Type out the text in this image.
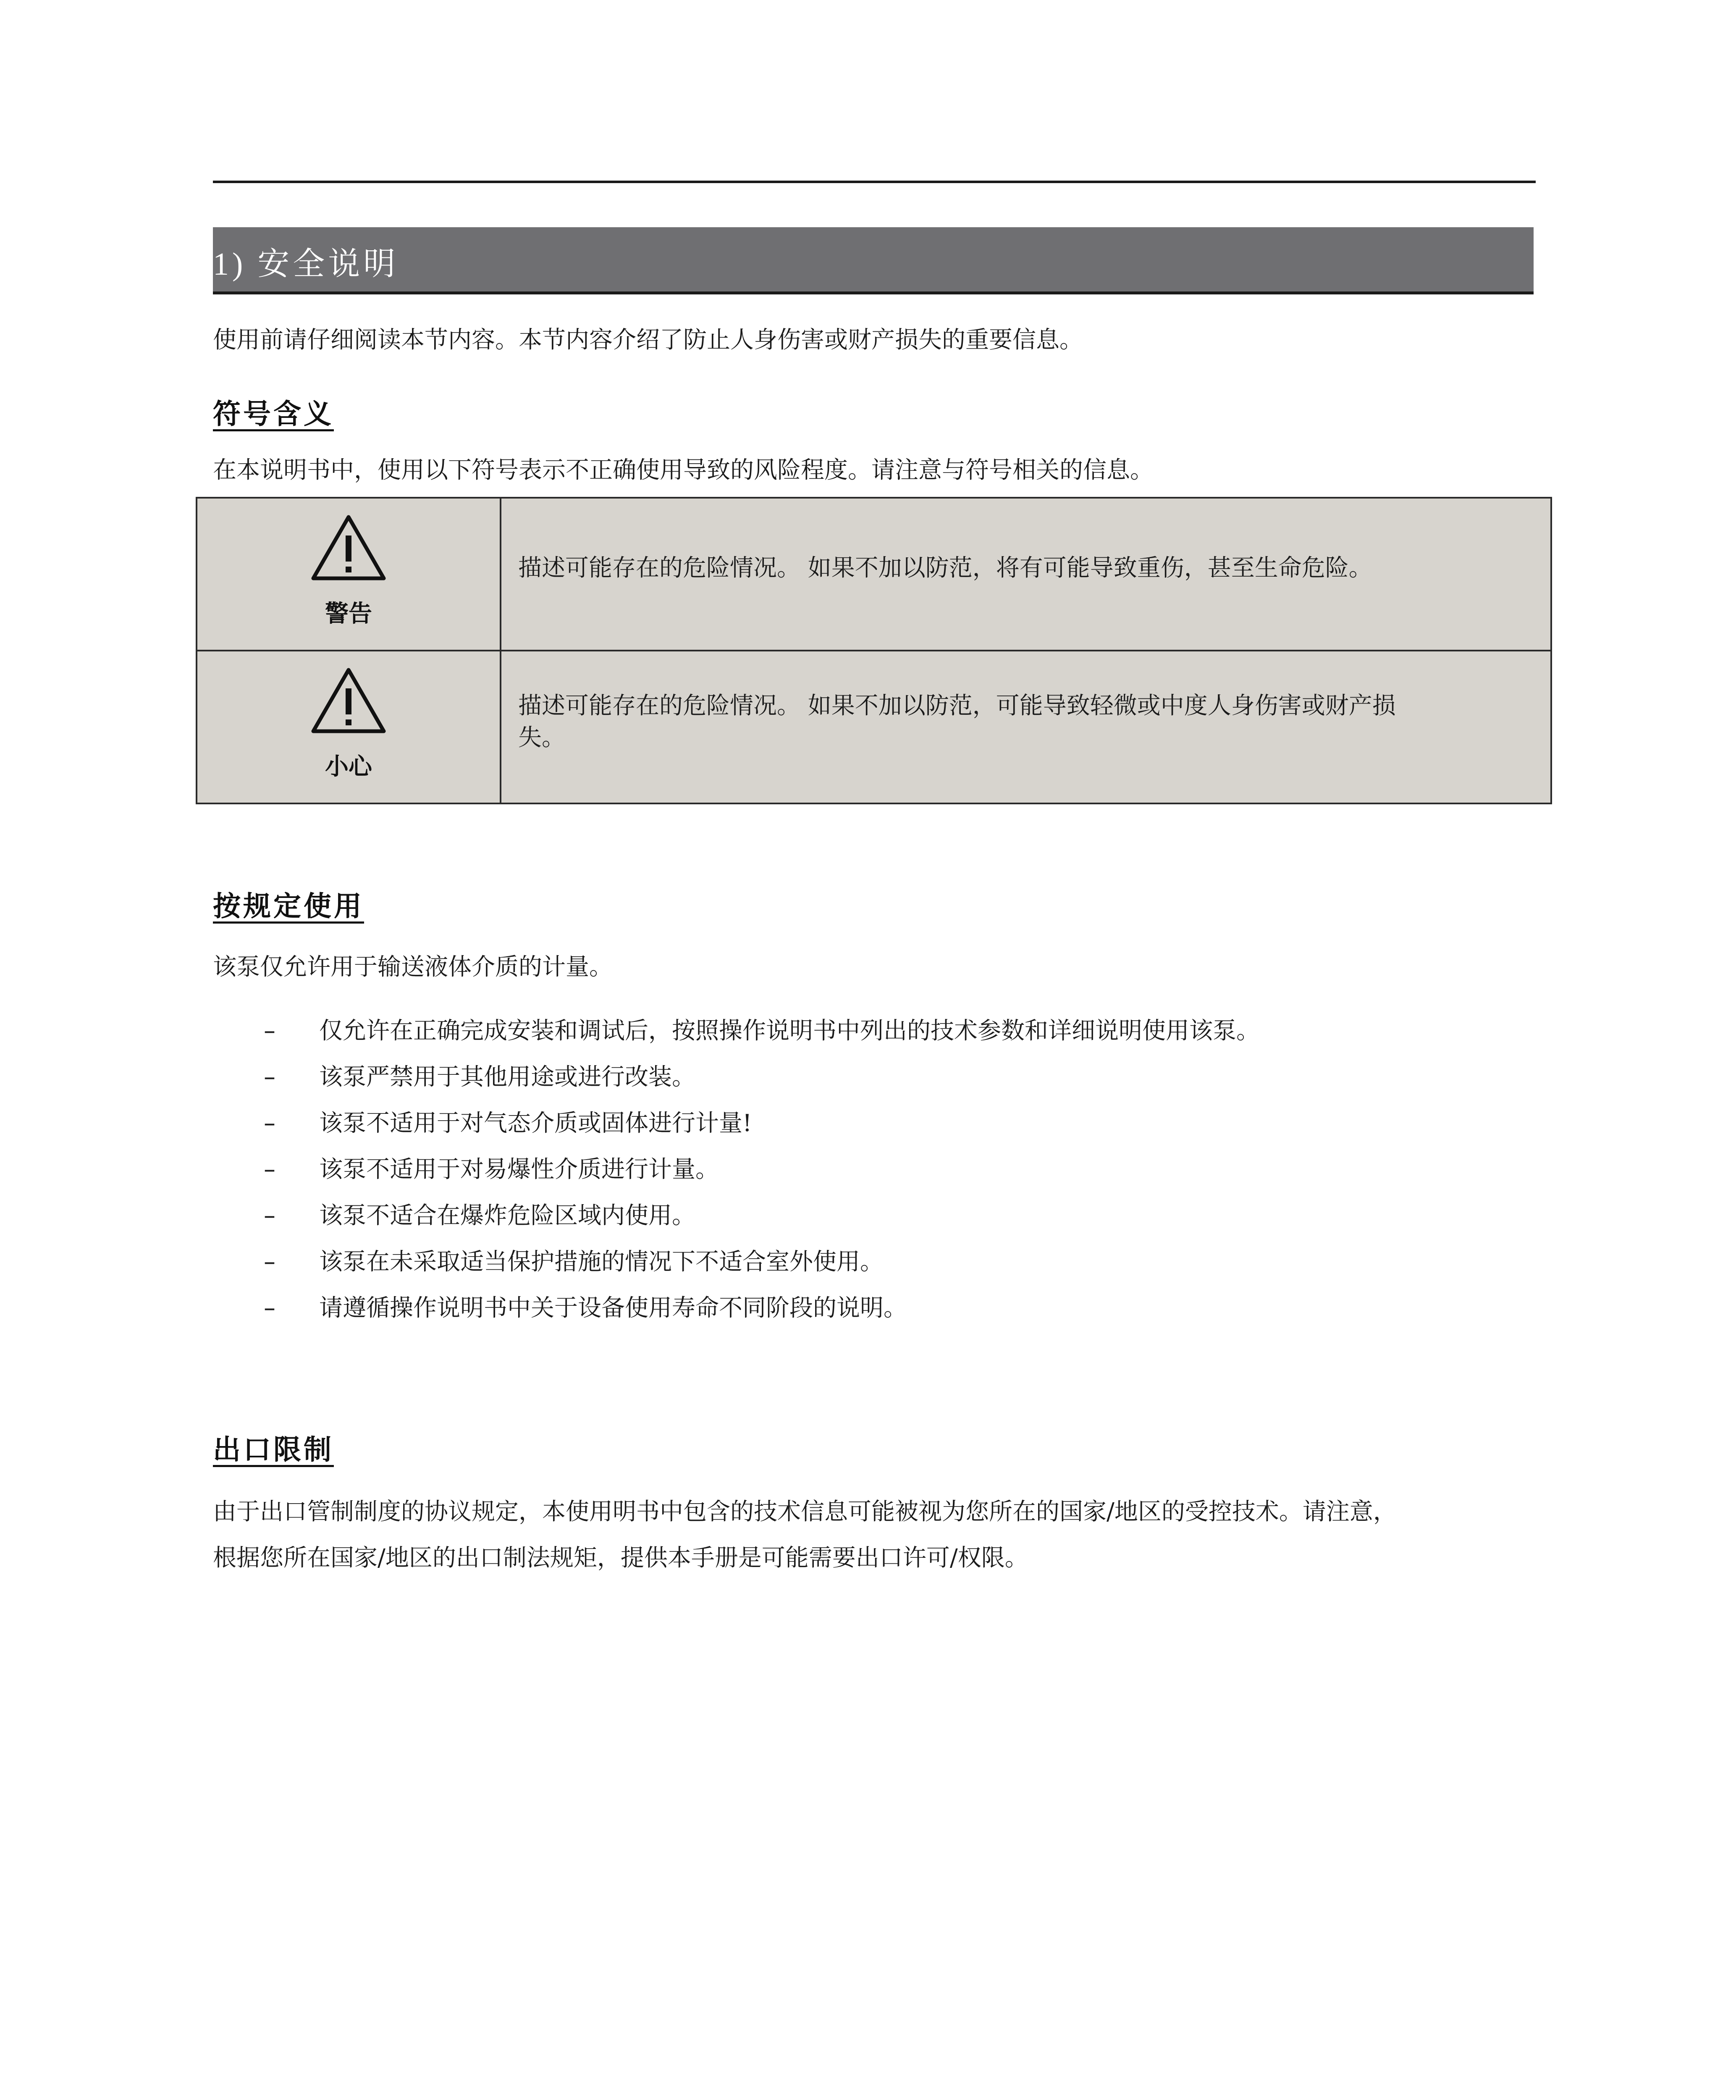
1) 安全说明
使用前请仔细阅读本节内容。本节内容介绍了防止人身伤害或财产损失的重要信息。
符号含义
在本说明书中，使用以下符号表示不正确使用导致的风险程度。请注意与符号相关的信息。
警告	描述可能存在的危险情况。 如果不加以防范，将有可能导致重伤，甚至生命危险。

小心	描述可能存在的危险情况。 如果不加以防范，可能导致轻微或中度人身伤害或财产损
失。
按规定使用
该泵仅允许用于输送液体介质的计量。
– 仅允许在正确完成安装和调试后，按照操作说明书中列出的技术参数和详细说明使用该泵。
– 该泵严禁用于其他用途或进行改装。
– 该泵不适用于对气态介质或固体进行计量!
– 该泵不适用于对易爆性介质进行计量。
– 该泵不适合在爆炸危险区域内使用。
– 该泵在未采取适当保护措施的情况下不适合室外使用。
– 请遵循操作说明书中关于设备使用寿命不同阶段的说明。
出口限制
由于出口管制制度的协议规定，本使用明书中包含的技术信息可能被视为您所在的国家/地区的受控技术。请注意，
根据您所在国家/地区的出口制法规矩，提供本手册是可能需要出口许可/权限。
